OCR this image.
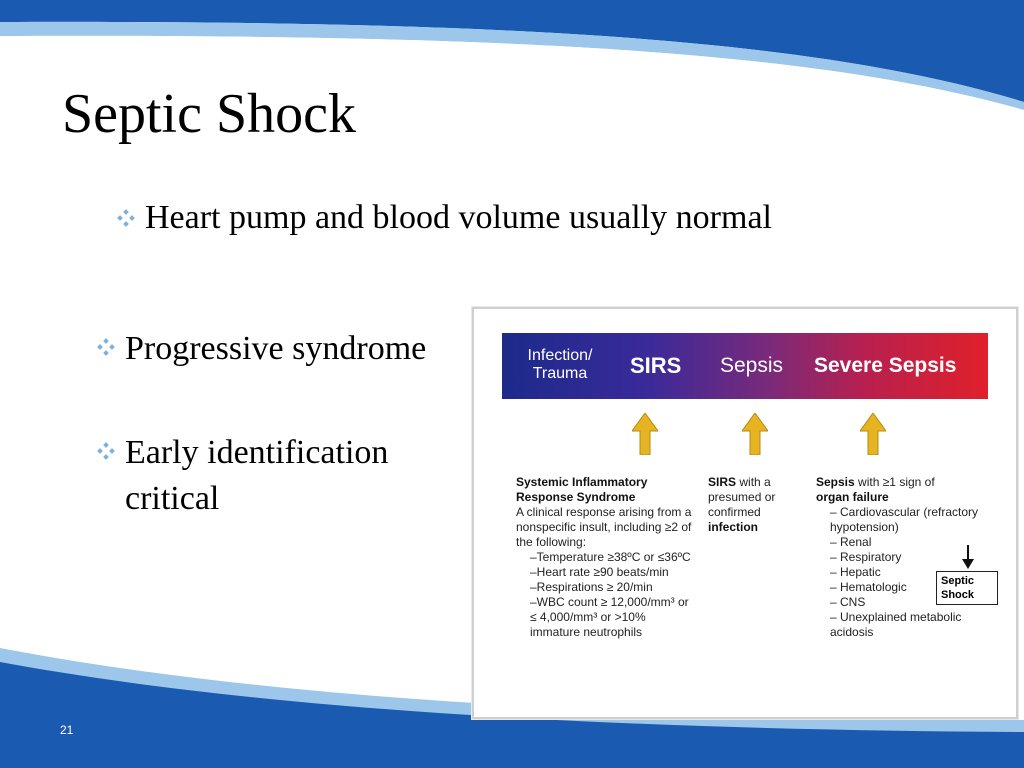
Septic Shock
Heart pump and blood volume usually normal
Progressive syndrome
Early identification critical
Infection/ Trauma	SIRS Sepsis Severe Sepsis
Systemic Inflammatory Response Syndrome
A clinical response arising from a nonspecific insult, including ≥2 of the following:
–Temperature ≥38ºC or ≤36ºC
–Heart rate ≥90 beats/min
–Respirations ≥ 20/min
–WBC count ≥ 12,000/mm³ or ≤ 4,000/mm³ or >10% immature neutrophils
SIRS with a presumed or confirmed infection
Sepsis with ≥1 sign of
organ failure
– Cardiovascular (refractory hypotension)
– Renal
– Respiratory
– Hepatic
– Hematologic
– CNS
– Unexplained metabolic acidosis
Septic Shock
21
